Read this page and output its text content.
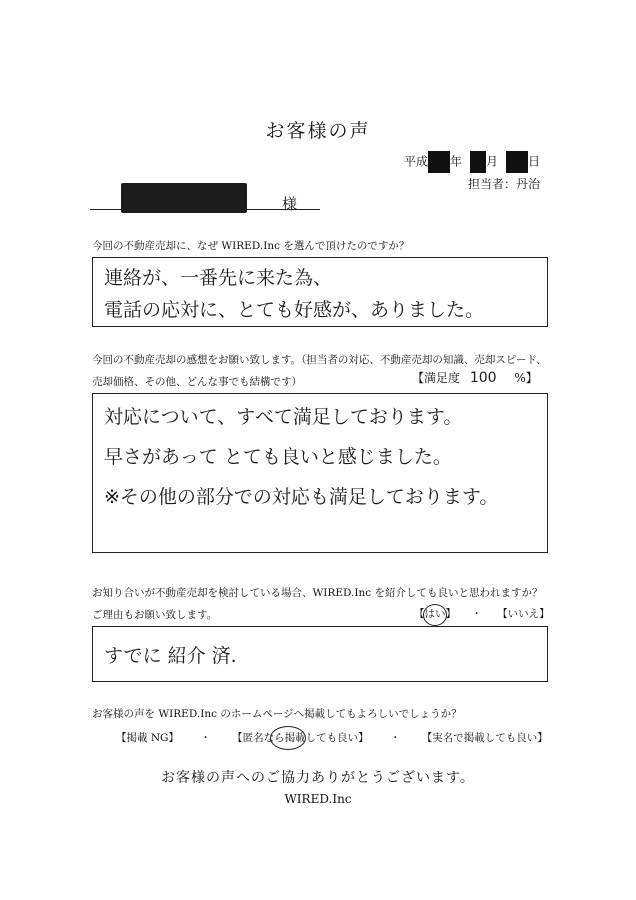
お客様の声
平成 年 月	日
担当者：丹治
様
今回の不動産売却に、なぜ WIRED.Inc を選んで頂けたのですか？
連絡が、一番先に来た為、
電話の応対に、とても好感が、ありました。
今回の不動産売却の感想をお願い致します。（担当者の対応、不動産売却の知識、売却スピード、
売却価格、その他、どんな事でも結構です）	【満足度 100 %】
対応について、すべて満足しております。
早さがあって とても良いと感じました。
※その他の部分での対応も満足しております。
お知り合いが不動産売却を検討している場合、WIRED.Inc を紹介しても良いと思われますか？
ご理由もお願い致します。	【はい】 ・ 【いいえ】
すでに 紹介 済.
お客様の声を WIRED.Inc のホームページへ掲載してもよろしいでしょうか？
【掲載 NG】 ・ 【匿名なら掲載しても良い】 ・ 【実名で掲載しても良い】
お客様の声へのご協力ありがとうございます。
WIRED.Inc
